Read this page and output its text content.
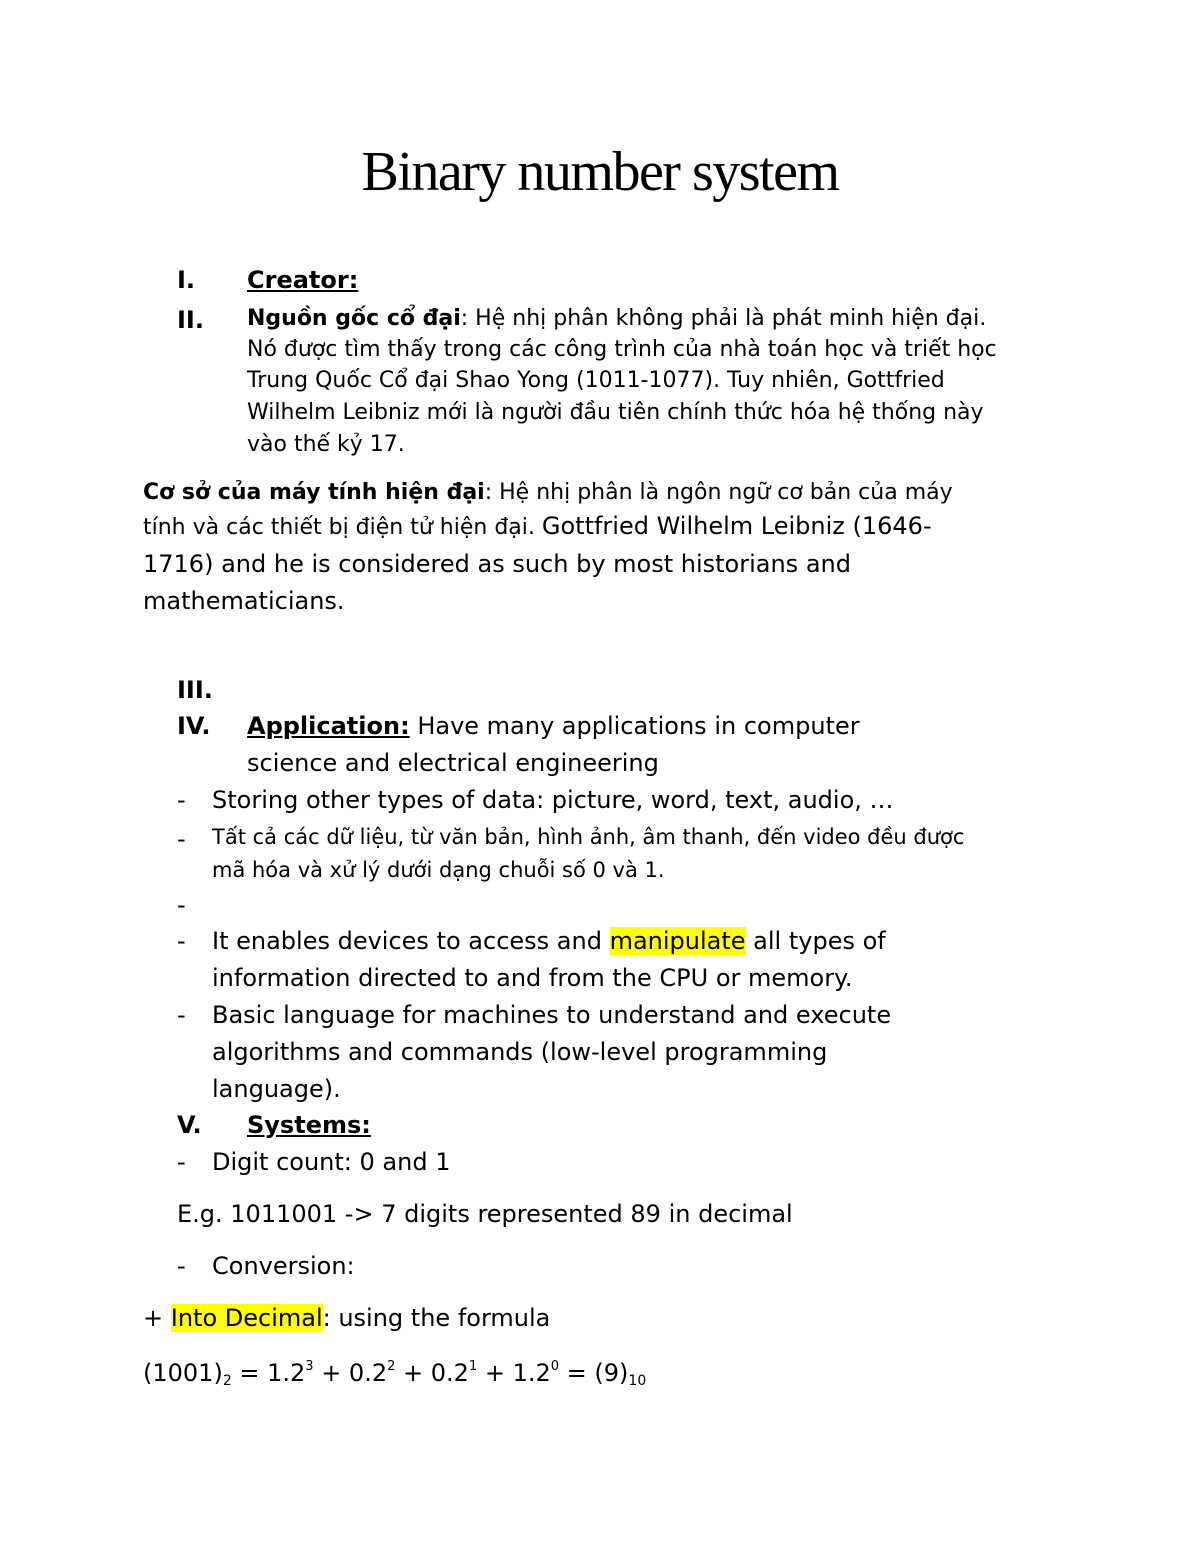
Binary number system
I. Creator:
II. Nguồn gốc cổ đại: Hệ nhị phân không phải là phát minh hiện đại.
Nó được tìm thấy trong các công trình của nhà toán học và triết học
Trung Quốc Cổ đại Shao Yong (1011-1077). Tuy nhiên, Gottfried
Wilhelm Leibniz mới là người đầu tiên chính thức hóa hệ thống này
vào thế kỷ 17.
Cơ sở của máy tính hiện đại: Hệ nhị phân là ngôn ngữ cơ bản của máy
tính và các thiết bị điện tử hiện đại. Gottfried Wilhelm Leibniz (1646-
1716) and he is considered as such by most historians and
mathematicians.
III.
IV. Application: Have many applications in computer
science and electrical engineering
- Storing other types of data: picture, word, text, audio, …
- Tất cả các dữ liệu, từ văn bản, hình ảnh, âm thanh, đến video đều được
mã hóa và xử lý dưới dạng chuỗi số 0 và 1.
-
- It enables devices to access and manipulate all types of
information directed to and from the CPU or memory.
- Basic language for machines to understand and execute
algorithms and commands (low-level programming
language).
V. Systems:
- Digit count: 0 and 1
E.g. 1011001 -> 7 digits represented 89 in decimal
- Conversion:
+ Into Decimal: using the formula
$(1001)_2 = 1.2^3 + 0.2^2 + 0.2^1 + 1.2^0 = (9)_{10}$
